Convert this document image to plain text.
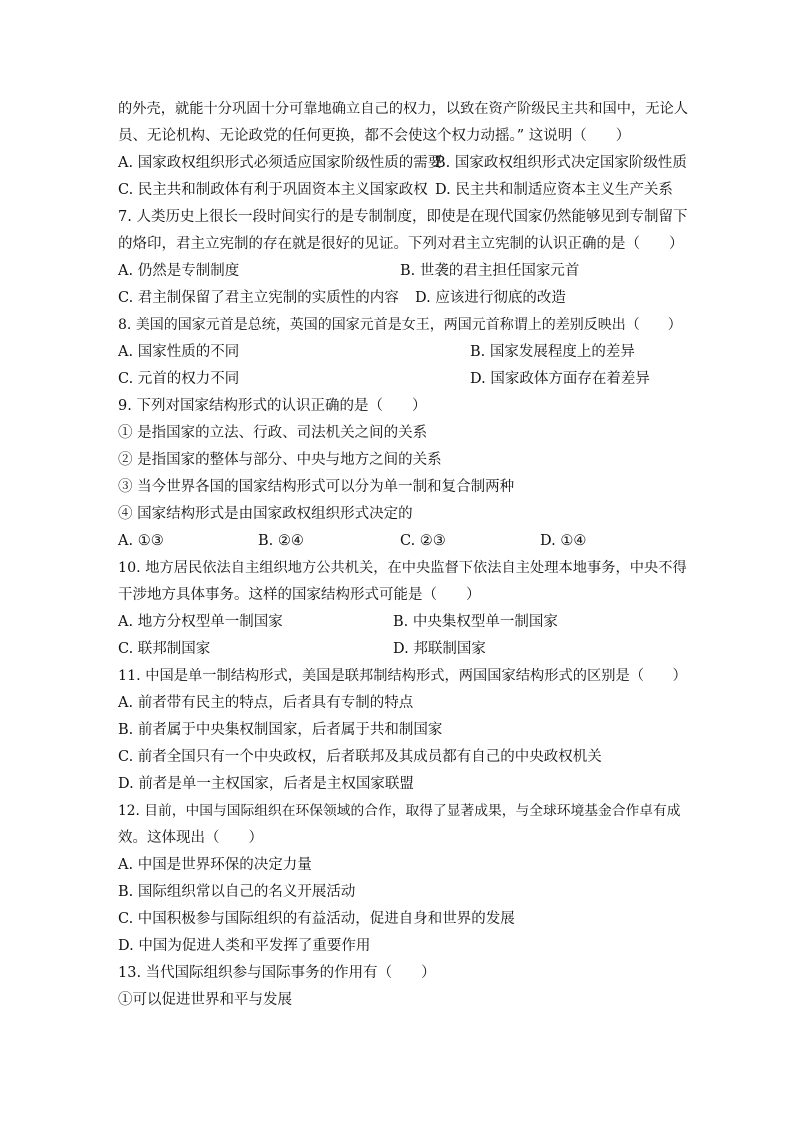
的外壳，就能十分巩固十分可靠地确立自己的权力，以致在资产阶级民主共和国中，无论人
员、无论机构、无论政党的任何更换，都不会使这个权力动摇。” 这说明（　　）
A. 国家政权组织形式必须适应国家阶级性质的需要
B. 国家政权组织形式决定国家阶级性质
C. 民主共和制政体有利于巩固资本主义国家政权 D. 民主共和制适应资本主义生产关系
7. 人类历史上很长一段时间实行的是专制制度，即使是在现代国家仍然能够见到专制留下
的烙印，君主立宪制的存在就是很好的见证。下列对君主立宪制的认识正确的是（　　）
A. 仍然是专制制度	B. 世袭的君主担任国家元首
C. 君主制保留了君主立宪制的实质性的内容 D. 应该进行彻底的改造
8. 美国的国家元首是总统，英国的国家元首是女王，两国元首称谓上的差别反映出（　　）
A. 国家性质的不同	B. 国家发展程度上的差异
C. 元首的权力不同	D. 国家政体方面存在着差异
9. 下列对国家结构形式的认识正确的是（　　）
① 是指国家的立法、行政、司法机关之间的关系
② 是指国家的整体与部分、中央与地方之间的关系
③ 当今世界各国的国家结构形式可以分为单一制和复合制两种
④ 国家结构形式是由国家政权组织形式决定的
A. ①③	B. ②④	C. ②③	D. ①④
10. 地方居民依法自主组织地方公共机关，在中央监督下依法自主处理本地事务，中央不得
干涉地方具体事务。这样的国家结构形式可能是（　　）
A. 地方分权型单一制国家	B. 中央集权型单一制国家
C. 联邦制国家	D. 邦联制国家
11. 中国是单一制结构形式，美国是联邦制结构形式，两国国家结构形式的区别是（　　）
A. 前者带有民主的特点，后者具有专制的特点
B. 前者属于中央集权制国家，后者属于共和制国家
C. 前者全国只有一个中央政权，后者联邦及其成员都有自己的中央政权机关
D. 前者是单一主权国家，后者是主权国家联盟
12. 目前，中国与国际组织在环保领域的合作，取得了显著成果，与全球环境基金合作卓有成
效。这体现出（　　）
A. 中国是世界环保的决定力量
B. 国际组织常以自己的名义开展活动
C. 中国积极参与国际组织的有益活动，促进自身和世界的发展
D. 中国为促进人类和平发挥了重要作用
13. 当代国际组织参与国际事务的作用有（　　）
①可以促进世界和平与发展
